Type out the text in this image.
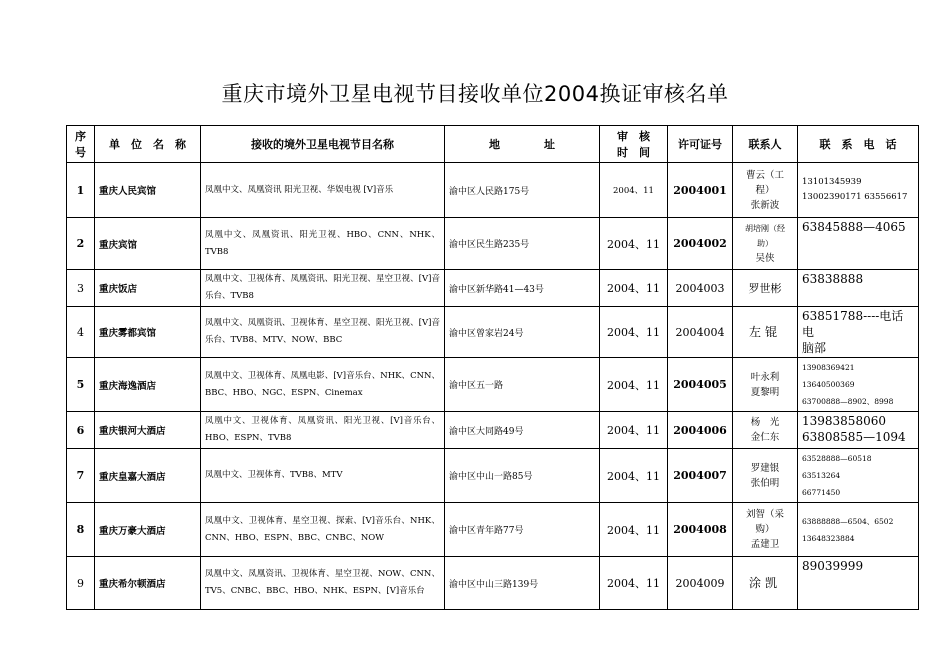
重庆市境外卫星电视节目接收单位2004换证审核名单
序
号	单　位　名　称	接收的境外卫星电视节目名称	地　　　　址	审　核
时　间	许可证号	联系人	联　系　电　话
1	重庆人民宾馆	凤凰中文、凤凰资讯 阳光卫视、华娱电视 [V]音乐	渝中区人民路175号	2004、11	2004001	曹云（工
程）
张新波	13101345939
13002390171 63556617

2	重庆宾馆	凤凰中文、凤凰资讯、阳光卫视、HBO、CNN、NHK、TVB8	渝中区民生路235号	2004、11	2004002	胡培刚（经
助）
吴侠	63845888—4065

3	重庆饭店	凤凰中文、卫视体育、凤凰资讯、阳光卫视、星空卫视、[V]音乐台、TVB8	渝中区新华路41—43号	2004、11	2004003	罗世彬	63838888

4	重庆雾都宾馆	凤凰中文、凤凰资讯、卫视体育、星空卫视、阳光卫视、[V]音乐台、TVB8、MTV、NOW、BBC	渝中区曾家岩24号	2004、11	2004004	左锟	63851788----电话电
脑部

5	重庆海逸酒店	凤凰中文、卫视体育、凤凰电影、[V]音乐台、NHK、CNN、BBC、HBO、NGC、ESPN、Cinemax	渝中区五一路	2004、11	2004005	叶永利
夏黎明	13908369421
13640500369
63700888—8902、8998

6	重庆银河大酒店	凤凰中文、卫视体育、凤凰资讯、阳光卫视、[V]音乐台、HBO、ESPN、TVB8	渝中区大同路49号	2004、11	2004006	杨　光
金仁东	13983858060
63808585—1094

7	重庆皇嘉大酒店	凤凰中文、卫视体育、TVB8、MTV	渝中区中山一路85号	2004、11	2004007	罗建银
张伯明	63528888—60518
63513264
66771450

8	重庆万豪大酒店	凤凰中文、卫视体育、星空卫视、探索、[V]音乐台、NHK、CNN、HBO、ESPN、BBC、CNBC、NOW	渝中区青年路77号	2004、11	2004008	刘智（采
购）
孟建卫	63888888—6504、6502
13648323884

9	重庆希尔顿酒店	凤凰中文、凤凰资讯、卫视体育、星空卫视、NOW、CNN、TV5、CNBC、BBC、HBO、NHK、ESPN、[V]音乐台	渝中区中山三路139号	2004、11	2004009	涂凯	89039999
